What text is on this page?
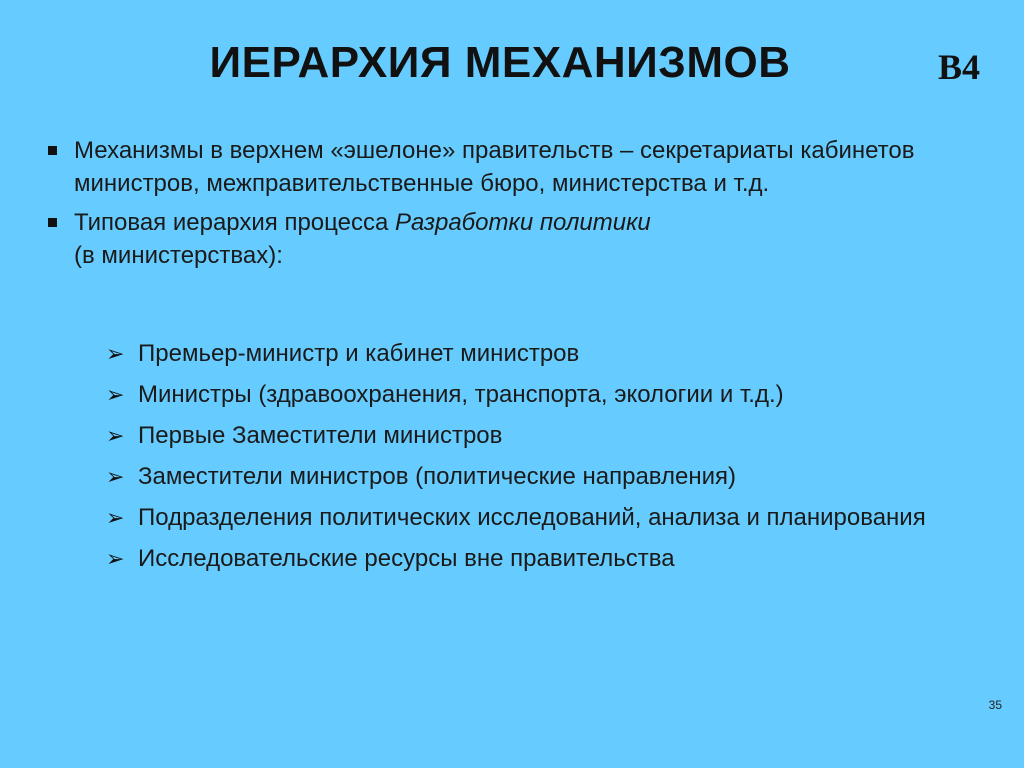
ИЕРАРХИЯ МЕХАНИЗМОВ	B4
Механизмы в верхнем «эшелоне» правительств – секретариаты кабинетов министров, межправительственные бюро, министерства и т.д.
Типовая иерархия процесса Разработки политики
(в министерствах):
➢ Премьер-министр и кабинет министров
➢ Министры (здравоохранения, транспорта, экологии и т.д.)
➢ Первые Заместители министров
➢ Заместители министров (политические направления)
➢ Подразделения политических исследований, анализа и планирования
➢ Исследовательские ресурсы вне правительства
35
